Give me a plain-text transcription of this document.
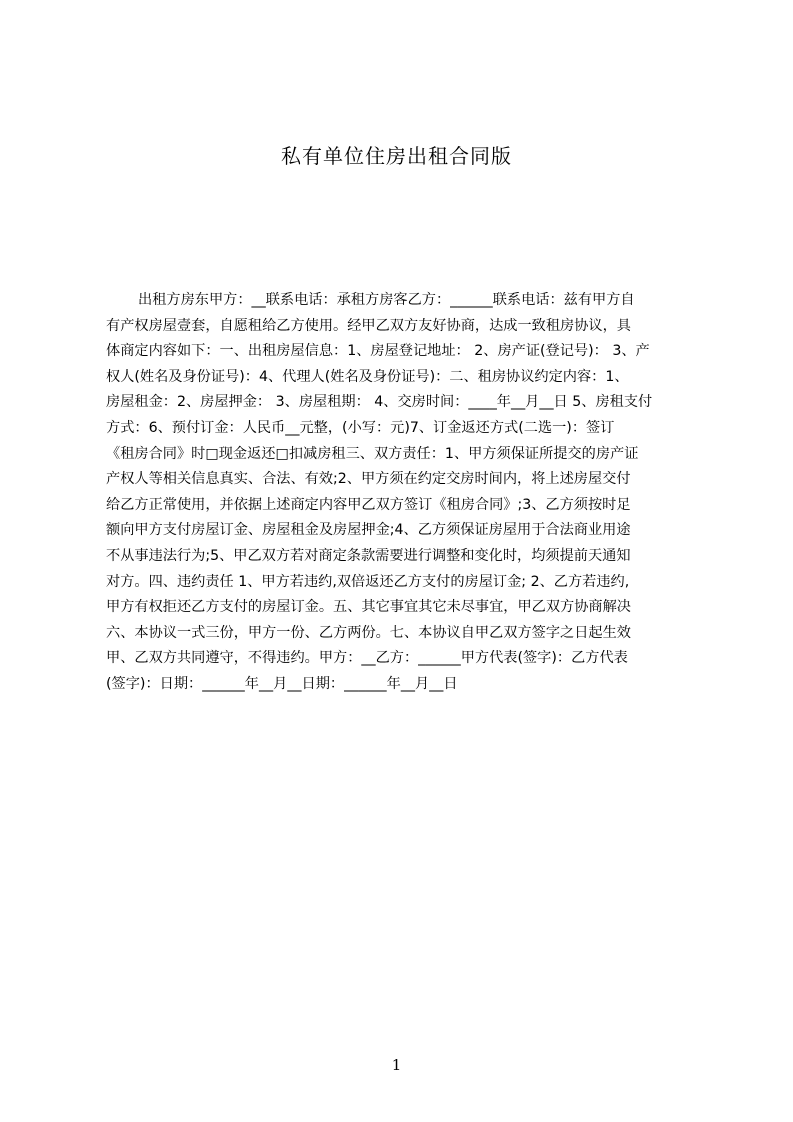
私有单位住房出租合同版
出租方房东甲方：__联系电话：承租方房客乙方：______联系电话：兹有甲方自
有产权房屋壹套，自愿租给乙方使用。经甲乙双方友好协商，达成一致租房协议，具
体商定内容如下：一、出租房屋信息：1、房屋登记地址： 2、房产证(登记号)： 3、产
权人(姓名及身份证号)：4、代理人(姓名及身份证号)：二、租房协议约定内容：1、
房屋租金：2、房屋押金： 3、房屋租期： 4、交房时间：____年__月__日 5、房租支付
方式：6、预付订金：人民币__元整，(小写：元)7、订金返还方式(二选一)：签订
《租房合同》时□现金返还□扣减房租三、双方责任：1、甲方须保证所提交的房产证
产权人等相关信息真实、合法、有效;2、甲方须在约定交房时间内，将上述房屋交付
给乙方正常使用，并依据上述商定内容甲乙双方签订《租房合同》;3、乙方须按时足
额向甲方支付房屋订金、房屋租金及房屋押金;4、乙方须保证房屋用于合法商业用途
不从事违法行为;5、甲乙双方若对商定条款需要进行调整和变化时，均须提前天通知
对方。四、违约责任 1、甲方若违约,双倍返还乙方支付的房屋订金; 2、乙方若违约,
甲方有权拒还乙方支付的房屋订金。五、其它事宜其它未尽事宜，甲乙双方协商解决
六、本协议一式三份，甲方一份、乙方两份。七、本协议自甲乙双方签字之日起生效
甲、乙双方共同遵守，不得违约。甲方：__乙方：______甲方代表(签字)：乙方代表
(签字)：日期：______年__月__日期：______年__月__日
1
